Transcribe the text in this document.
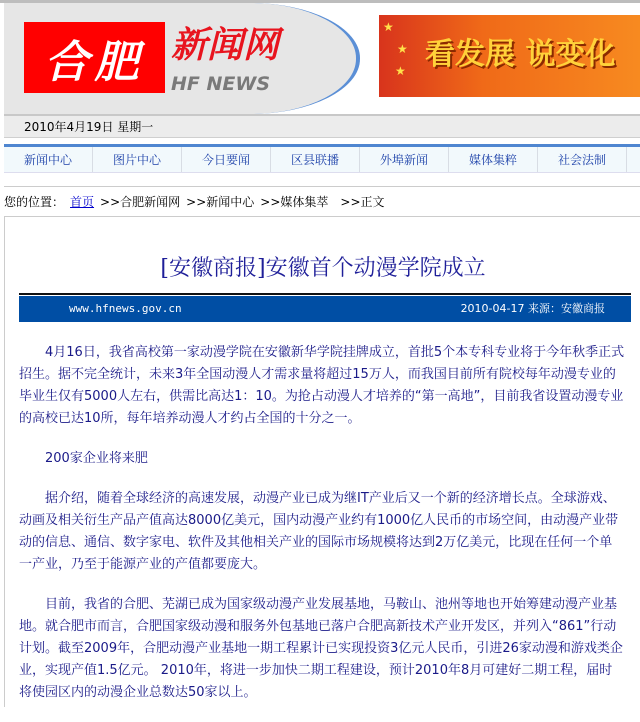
合肥 新闻网
HF NEWS
★
★
★ 看发展 说变化
2010年4月19日 星期一
新闻中心	图片中心	今日要闻	区县联播	外埠新闻	媒体集粹	社会法制
您的位置： 首页 >>合肥新闻网 >>新闻中心 >>媒体集萃 >>正文
[安徽商报]安徽首个动漫学院成立
www.hfnews.gov.cn	2010-04-17 来源：安徽商报

4月16日，我省高校第一家动漫学院在安徽新华学院挂牌成立，首批5个本专科专业将于今年秋季正式招生。据不完全统计，未来3年全国动漫人才需求量将超过15万人，而我国目前所有院校每年动漫专业的毕业生仅有5000人左右，供需比高达1：10。为抢占动漫人才培养的“第一高地”，目前我省设置动漫专业的高校已达10所，每年培养动漫人才约占全国的十分之一。

200家企业将来肥

据介绍，随着全球经济的高速发展，动漫产业已成为继IT产业后又一个新的经济增长点。全球游戏、动画及相关衍生产品产值高达8000亿美元，国内动漫产业约有1000亿人民币的市场空间，由动漫产业带动的信息、通信、数字家电、软件及其他相关产业的国际市场规模将达到2万亿美元，比现在任何一个单一产业，乃至于能源产业的产值都要庞大。

目前，我省的合肥、芜湖已成为国家级动漫产业发展基地，马鞍山、池州等地也开始筹建动漫产业基地。就合肥市而言，合肥国家级动漫和服务外包基地已落户合肥高新技术产业开发区，并列入“861”行动计划。截至2009年，合肥动漫产业基地一期工程累计已实现投资3亿元人民币，引进26家动漫和游戏类企业，实现产值1.5亿元。 2010年，将进一步加快二期工程建设，预计2010年8月可建好二期工程，届时将使园区内的动漫企业总数达50家以上。
